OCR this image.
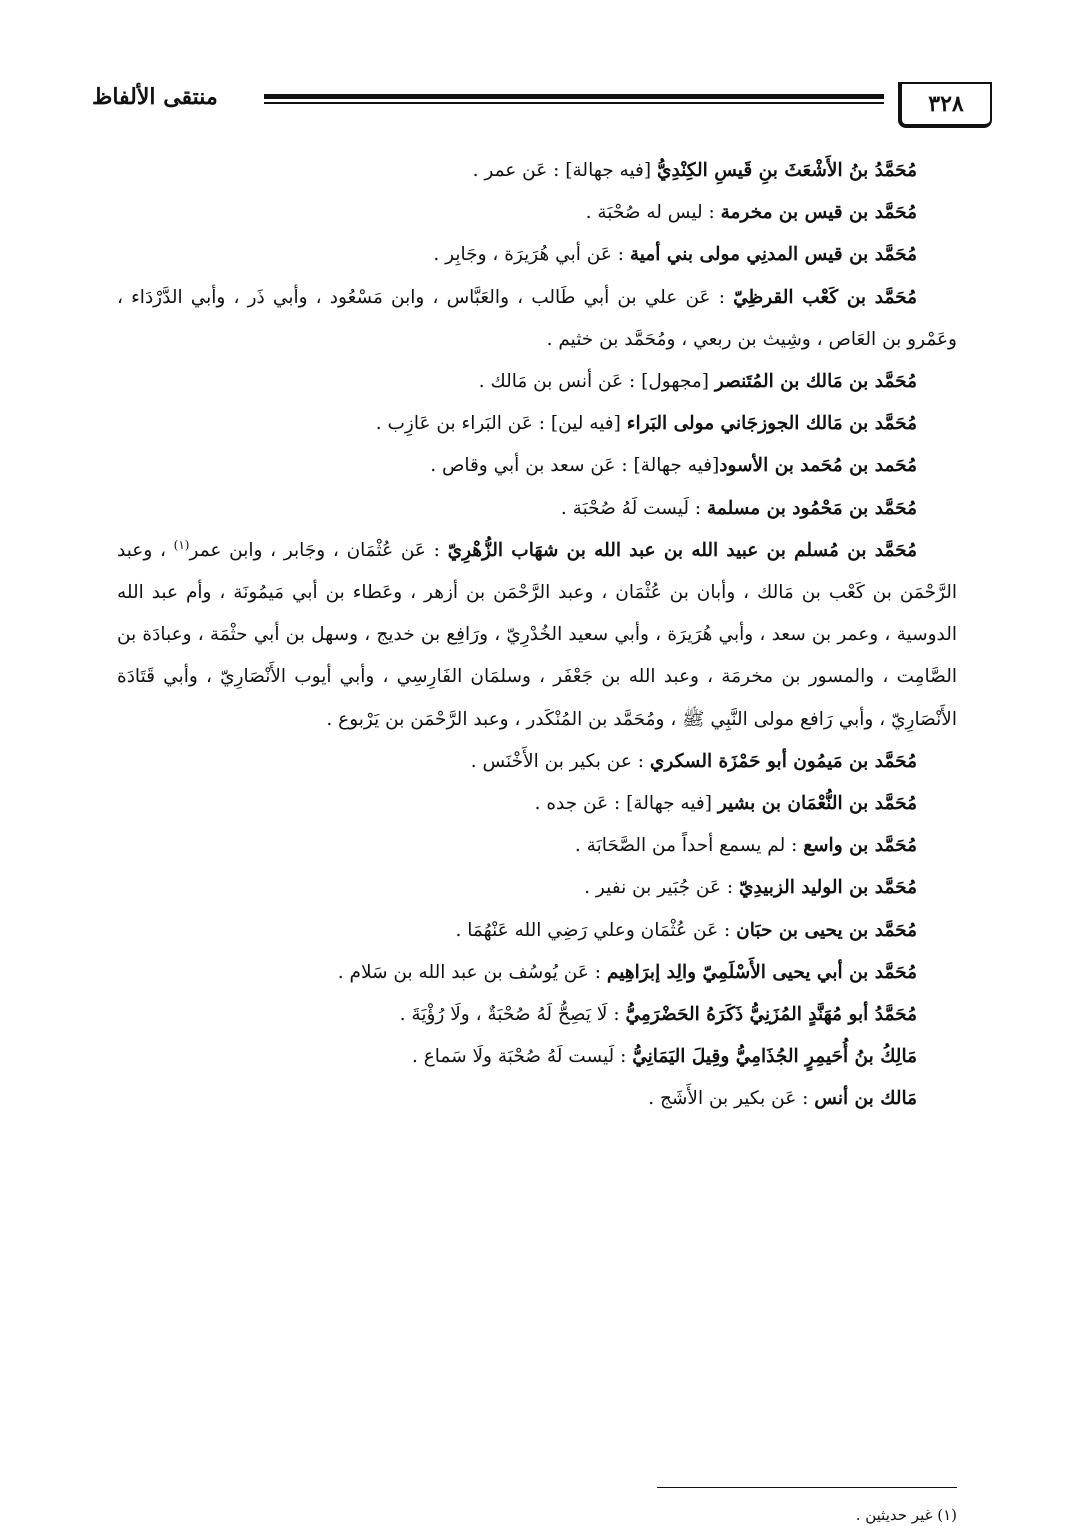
٣٢٨
منتقى الألفاظ

مُحَمَّدُ بنُ الأَشْعَثَ بنِ قَيسِ الكِنْدِيُّ [فيه جهالة] : عَن عمر .

مُحَمَّد بن قيس بن مخرمة : ليس له صُحْبَة .

مُحَمَّد بن قيس المدنِي مولى بني أمية : عَن أبي هُرَيرَة ، وجَابِر .

مُحَمَّد بن كَعْب القرظِيّ : عَن علي بن أبي طَالب ، والعَبَّاس ، وابن مَسْعُود ، وأبي ذَر ، وأبي الدَّرْدَاء ، وعَمْرو بن العَاص ، وشِيث بن ربعي ، ومُحَمَّد بن خثيم .

مُحَمَّد بن مَالك بن المُتَنصر [مجهول] : عَن أنس بن مَالك .

مُحَمَّد بن مَالك الجوزجَاني مولى البَراء [فيه لين] : عَن البَراء بن عَازِب .

مُحَمد بن مُحَمد بن الأسود[فيه جهالة] : عَن سعد بن أبي وقاص .

مُحَمَّد بن مَحْمُود بن مسلمة : لَيست لَهُ صُحْبَة .

مُحَمَّد بن مُسلم بن عبيد الله بن عبد الله بن شهَاب الزُّهْرِيّ : عَن عُثْمَان ، وجَابر ، وابن عمر$^{(١)}$ ، وعبد الرَّحْمَن بن كَعْب بن مَالك ، وأبان بن عُثْمَان ، وعبد الرَّحْمَن بن أزهر ، وعَطاء بن أبي مَيمُونَة ، وأم عبد الله الدوسية ، وعمر بن سعد ، وأبي هُرَيرَة ، وأبي سعيد الخُدْرِيّ ، ورَافِع بن خديج ، وسهل بن أبي حثْمَة ، وعبادَة بن الصَّامِت ، والمسور بن مخرمَة ، وعبد الله بن جَعْفَر ، وسلمَان الفَارِسِي ، وأبي أيوب الأَنْصَارِيّ ، وأبي قَتَادَة الأَنْصَارِيّ ، وأبي رَافع مولى النَّبِي ﷺ ، ومُحَمَّد بن المُنْكَدر ، وعبد الرَّحْمَن بن يَرْبوع .

مُحَمَّد بن مَيمُون أبو حَمْزَة السكري : عن بكير بن الأَخْنَس .

مُحَمَّد بن النُّعْمَان بن بشير [فيه جهالة] : عَن جده .

مُحَمَّد بن واسع : لم يسمع أحداً من الصَّحَابَة .

مُحَمَّد بن الوليد الزبيدِيّ : عَن جُبَير بن نفير .

مُحَمَّد بن يحيى بن حبَان : عَن عُثْمَان وعلي رَضِي الله عَنْهُمَا .

مُحَمَّد بن أبي يحيى الأَسْلَمِيّ والِد إبرَاهِيم : عَن يُوسُف بن عبد الله بن سَلام .

مُحَمَّدُ أبو مُهَنَّدٍ المُزَنِيُّ ذَكَرَهُ الحَضْرَمِيُّ : لَا يَصِحُّ لَهُ صُحْبَةٌ ، ولَا رُؤْيَةَ .

مَالِكُ بنُ أُحَيمِرٍ الجُذَامِيُّ وقِيلَ اليَمَانِيُّ : لَيست لَهُ صُحْبَة ولَا سَماع .

مَالك بن أنس : عَن بكير بن الأَشَج .

(١) غير حديثين .
